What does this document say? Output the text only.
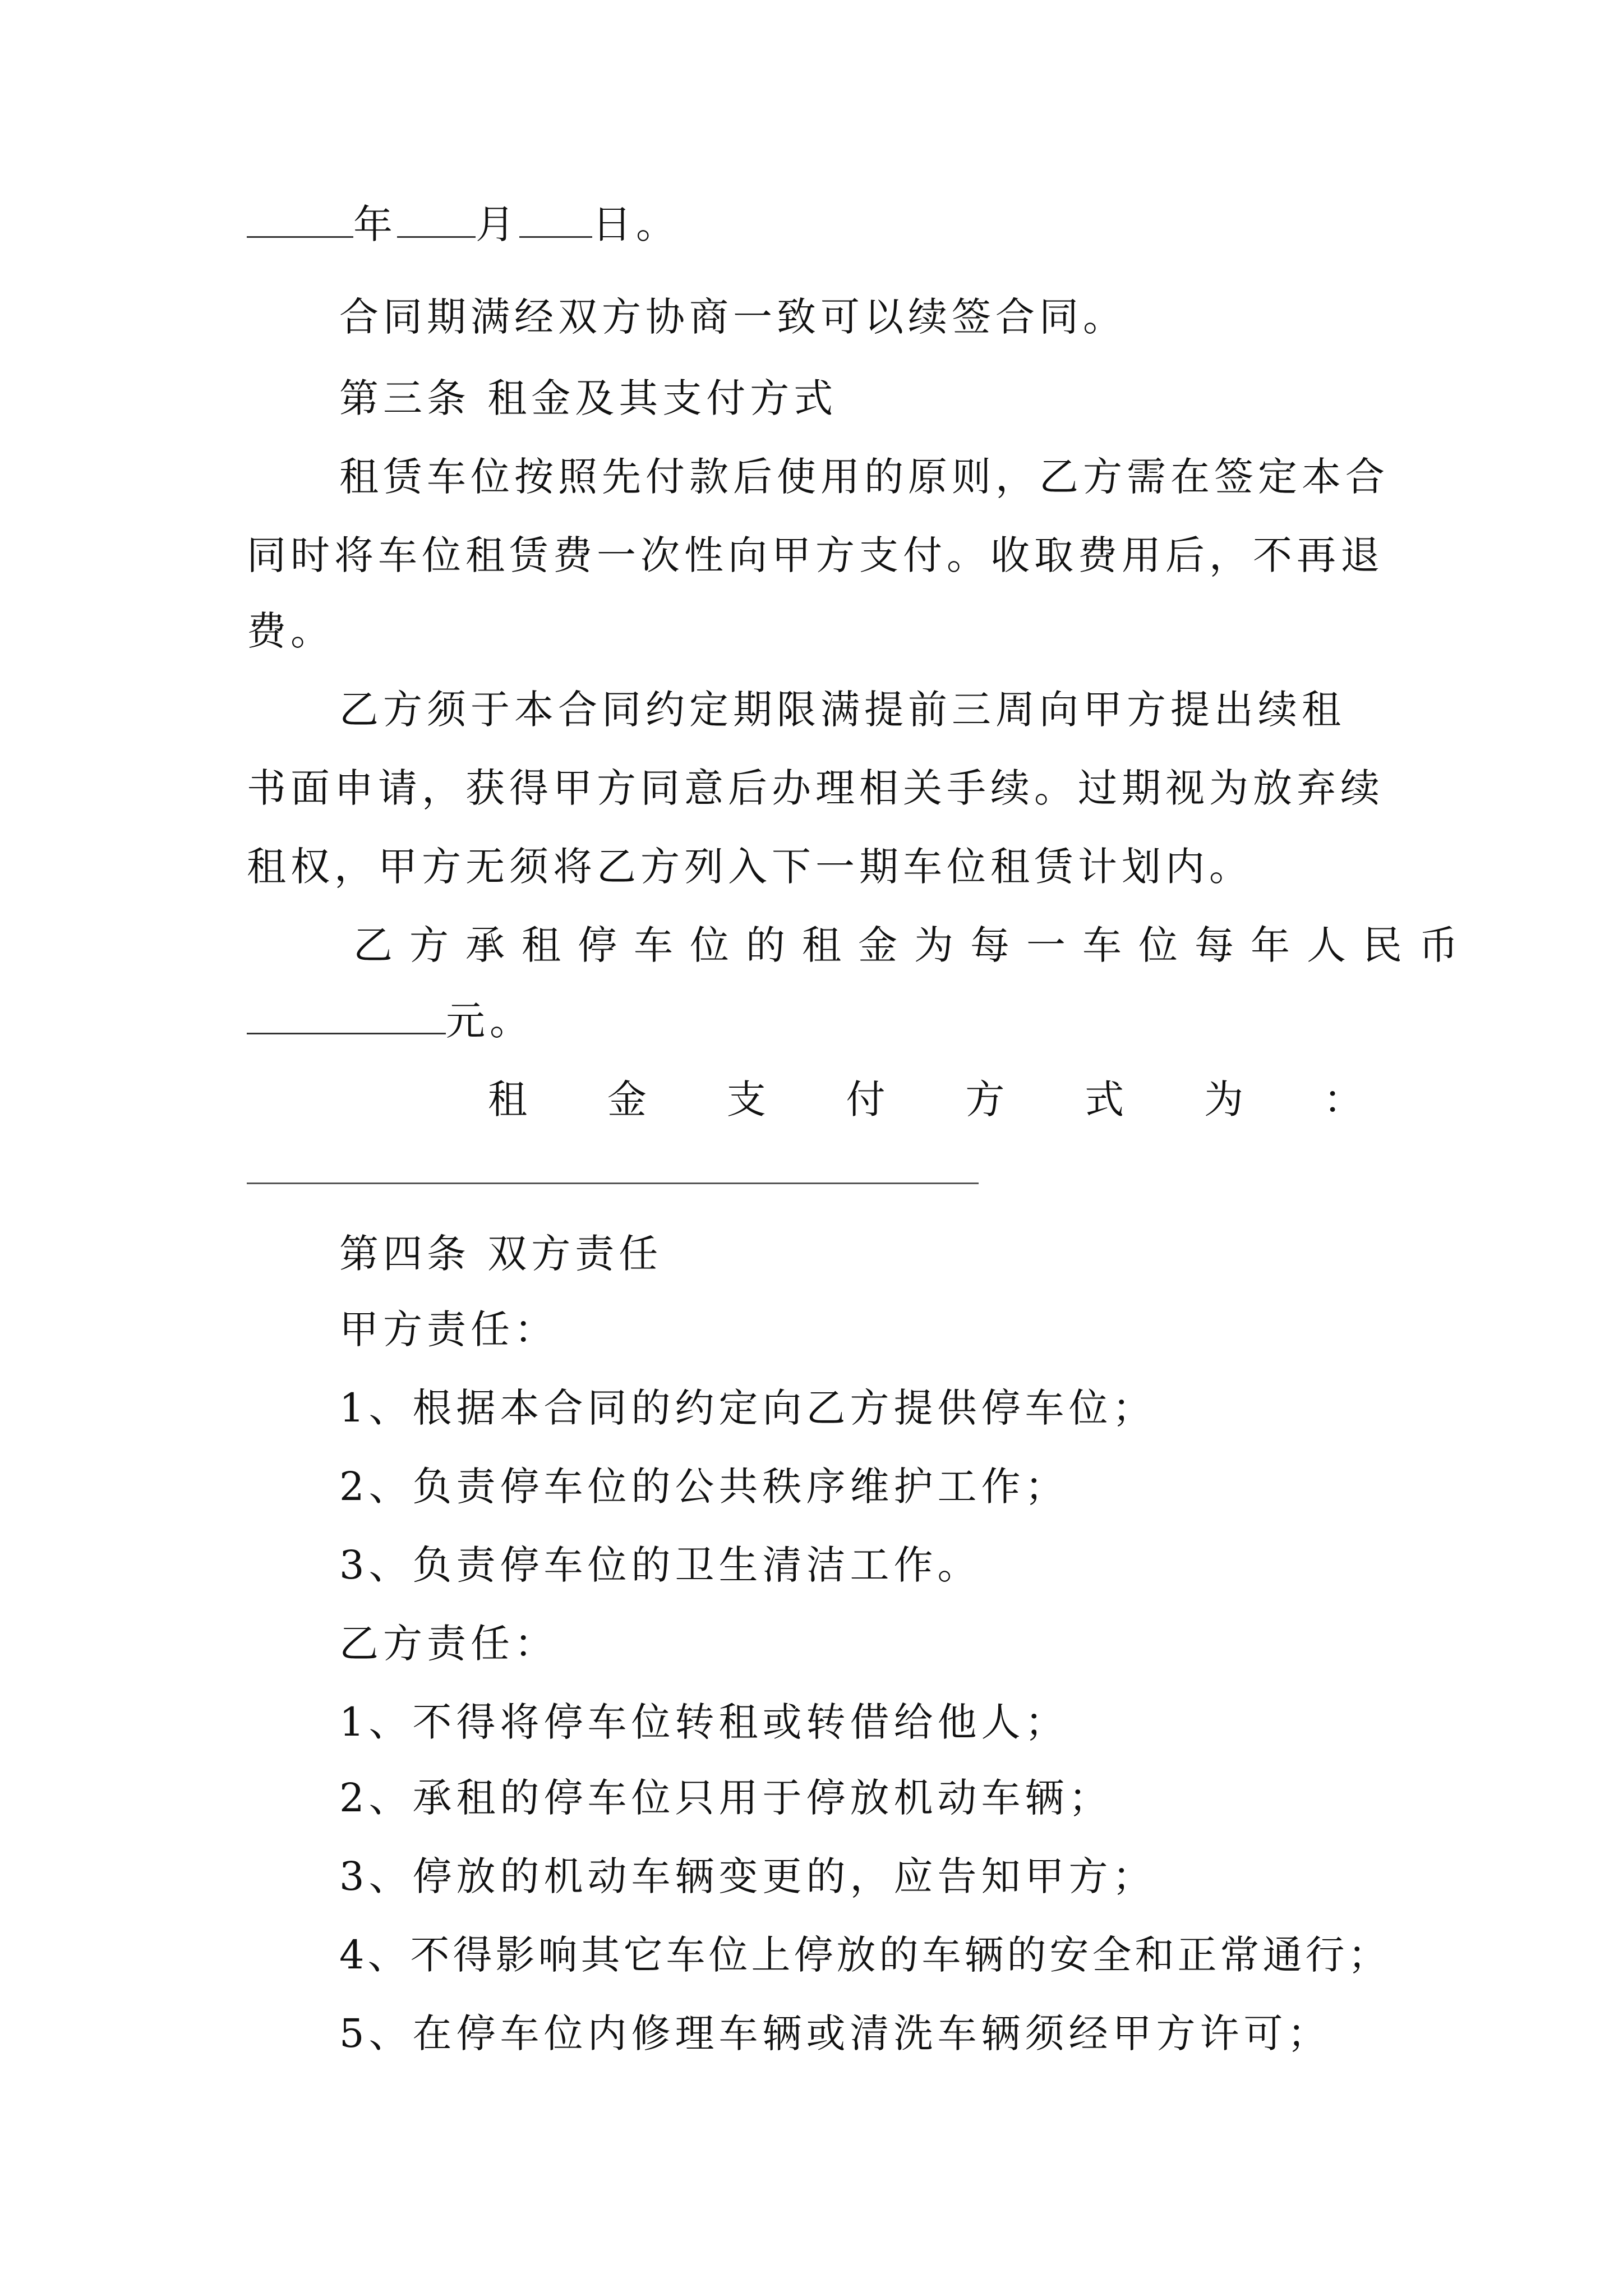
年 月 日。
合同期满经双方协商一致可以续签合同。
第三条 租金及其支付方式
租赁车位按照先付款后使用的原则，乙方需在签定本合
同时将车位租赁费一次性向甲方支付。收取费用后，不再退
费。
乙方须于本合同约定期限满提前三周向甲方提出续租
书面申请，获得甲方同意后办理相关手续。过期视为放弃续
租权，甲方无须将乙方列入下一期车位租赁计划内。
乙方承租停车位的租金为每一车位每年人民币
元。
租 金 支 付 方 式 为 ：
第四条 双方责任
甲方责任：
1、根据本合同的约定向乙方提供停车位；
2、负责停车位的公共秩序维护工作；
3、负责停车位的卫生清洁工作。
乙方责任：
1、不得将停车位转租或转借给他人；
2、承租的停车位只用于停放机动车辆；
3、停放的机动车辆变更的，应告知甲方；
4、不得影响其它车位上停放的车辆的安全和正常通行；
5、在停车位内修理车辆或清洗车辆须经甲方许可；
